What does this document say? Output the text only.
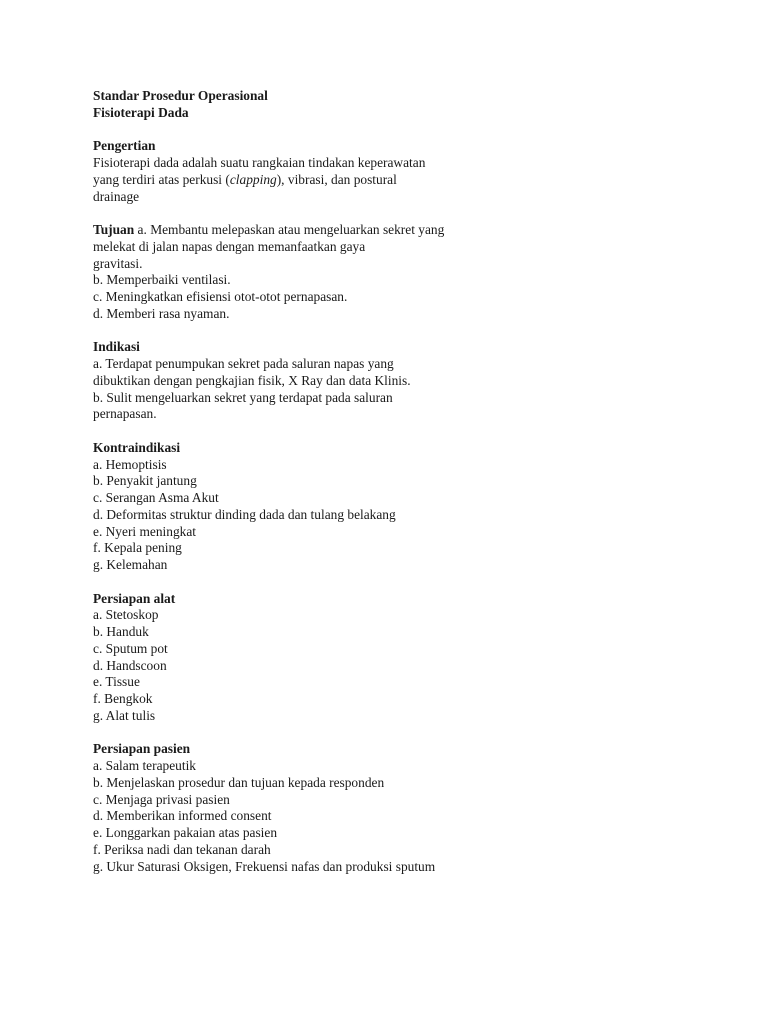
Standar Prosedur Operasional
Fisioterapi Dada
Pengertian
Fisioterapi dada adalah suatu rangkaian tindakan keperawatan
yang terdiri atas perkusi (clapping), vibrasi, dan postural
drainage
Tujuan a. Membantu melepaskan atau mengeluarkan sekret yang
melekat di jalan napas dengan memanfaatkan gaya
gravitasi.
b. Memperbaiki ventilasi.
c. Meningkatkan efisiensi otot-otot pernapasan.
d. Memberi rasa nyaman.
Indikasi
a. Terdapat penumpukan sekret pada saluran napas yang
dibuktikan dengan pengkajian fisik, X Ray dan data Klinis.
b. Sulit mengeluarkan sekret yang terdapat pada saluran
pernapasan.
Kontraindikasi
a. Hemoptisis
b. Penyakit jantung
c. Serangan Asma Akut
d. Deformitas struktur dinding dada dan tulang belakang
e. Nyeri meningkat
f. Kepala pening
g. Kelemahan
Persiapan alat
a. Stetoskop
b. Handuk
c. Sputum pot
d. Handscoon
e. Tissue
f. Bengkok
g. Alat tulis
Persiapan pasien
a. Salam terapeutik
b. Menjelaskan prosedur dan tujuan kepada responden
c. Menjaga privasi pasien
d. Memberikan informed consent
e. Longgarkan pakaian atas pasien
f. Periksa nadi dan tekanan darah
g. Ukur Saturasi Oksigen, Frekuensi nafas dan produksi sputum
